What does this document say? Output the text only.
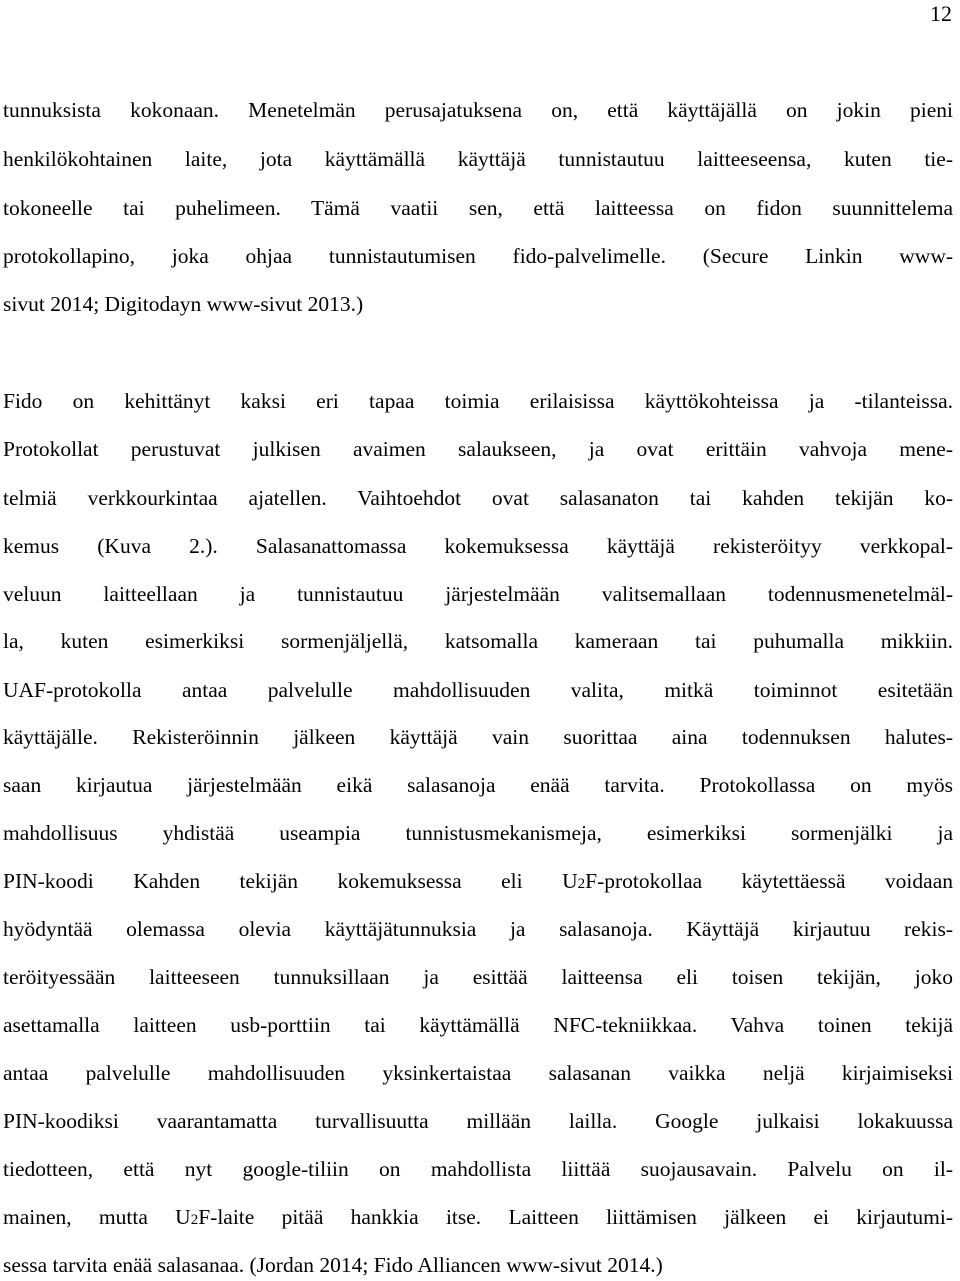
12
tunnuksista kokonaan. Menetelmän perusajatuksena on, että käyttäjällä on jokin pieni
henkilökohtainen laite, jota käyttämällä käyttäjä tunnistautuu laitteeseensa, kuten tie-
tokoneelle tai puhelimeen. Tämä vaatii sen, että laitteessa on fidon suunnittelema
protokollapino, joka ohjaa tunnistautumisen fido-palvelimelle. (Secure Linkin www-
sivut 2014; Digitodayn www-sivut 2013.)
Fido on kehittänyt kaksi eri tapaa toimia erilaisissa käyttökohteissa ja -tilanteissa.
Protokollat perustuvat julkisen avaimen salaukseen, ja ovat erittäin vahvoja mene-
telmiä verkkourkintaa ajatellen. Vaihtoehdot ovat salasanaton tai kahden tekijän ko-
kemus (Kuva 2.). Salasanattomassa kokemuksessa käyttäjä rekisteröityy verkkopal-
veluun laitteellaan ja tunnistautuu järjestelmään valitsemallaan todennusmenetelmäl-
la, kuten esimerkiksi sormenjäljellä, katsomalla kameraan tai puhumalla mikkiin.
UAF-protokolla antaa palvelulle mahdollisuuden valita, mitkä toiminnot esitetään
käyttäjälle. Rekisteröinnin jälkeen käyttäjä vain suorittaa aina todennuksen halutes-
saan kirjautua järjestelmään eikä salasanoja enää tarvita. Protokollassa on myös
mahdollisuus yhdistää useampia tunnistusmekanismeja, esimerkiksi sormenjälki ja
PIN-koodi Kahden tekijän kokemuksessa eli U2F-protokollaa käytettäessä voidaan
hyödyntää olemassa olevia käyttäjätunnuksia ja salasanoja. Käyttäjä kirjautuu rekis-
teröityessään laitteeseen tunnuksillaan ja esittää laitteensa eli toisen tekijän, joko
asettamalla laitteen usb-porttiin tai käyttämällä NFC-tekniikkaa. Vahva toinen tekijä
antaa palvelulle mahdollisuuden yksinkertaistaa salasanan vaikka neljä kirjaimiseksi
PIN-koodiksi vaarantamatta turvallisuutta millään lailla. Google julkaisi lokakuussa
tiedotteen, että nyt google-tiliin on mahdollista liittää suojausavain. Palvelu on il-
mainen, mutta U2F-laite pitää hankkia itse. Laitteen liittämisen jälkeen ei kirjautumi-
sessa tarvita enää salasanaa. (Jordan 2014; Fido Alliancen www-sivut 2014.)
